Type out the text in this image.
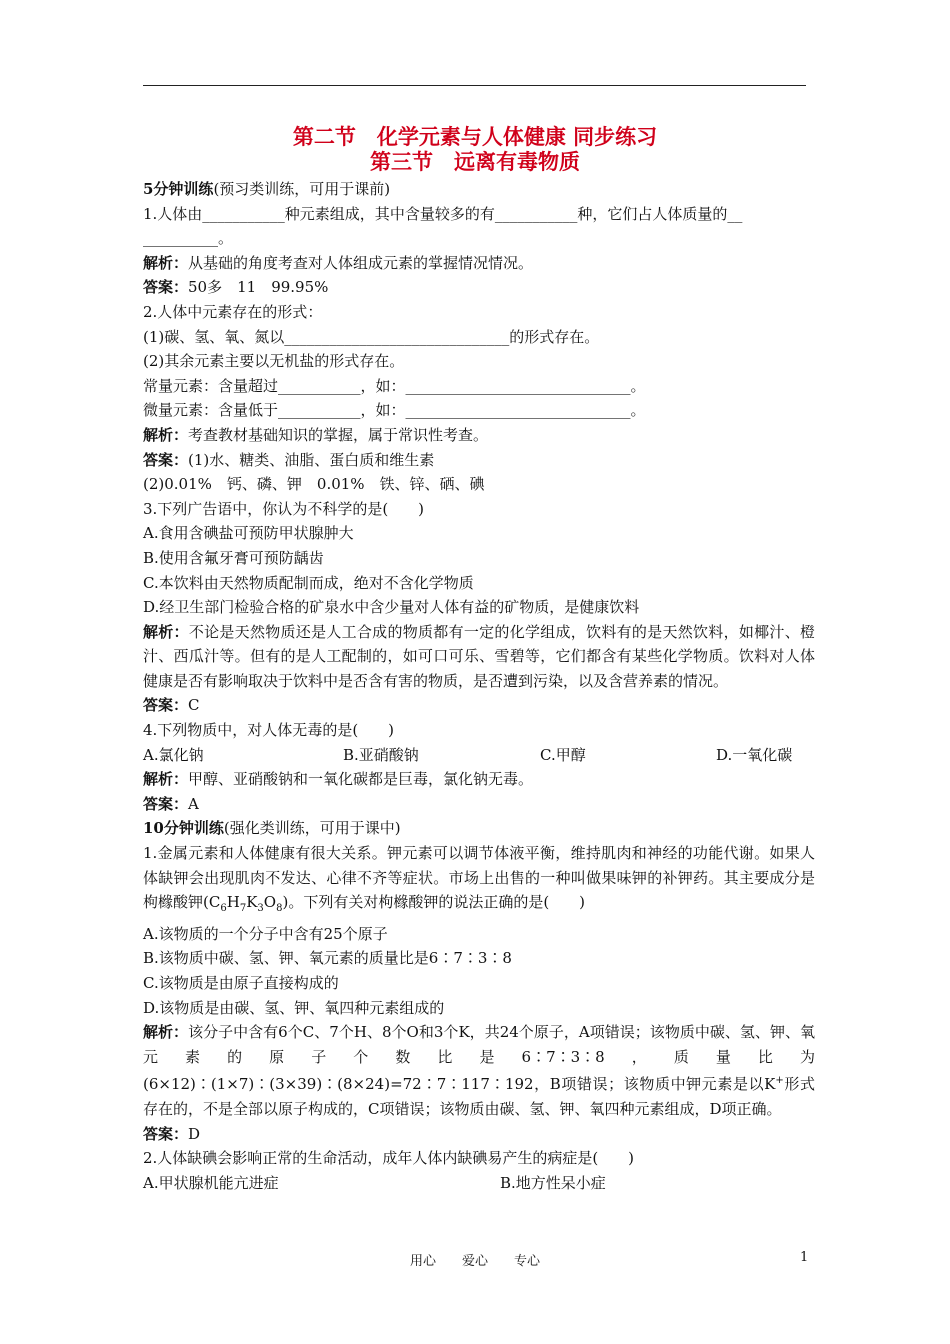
第二节　化学元素与人体健康 同步练习
第三节　远离有毒物质
5分钟训练(预习类训练，可用于课前)
1.人体由___________种元素组成，其中含量较多的有___________种，它们占人体质量的__
__________。
解析：从基础的角度考查对人体组成元素的掌握情况情况。
答案：50多　11　99.95%
2.人体中元素存在的形式：
(1)碳、氢、氧、氮以______________________________的形式存在。
(2)其余元素主要以无机盐的形式存在。
常量元素：含量超过___________，如：______________________________。
微量元素：含量低于___________，如：______________________________。
解析：考查教材基础知识的掌握，属于常识性考查。
答案：(1)水、糖类、油脂、蛋白质和维生素
(2)0.01%　钙、磷、钾　0.01%　铁、锌、硒、碘
3.下列广告语中，你认为不科学的是(　　)
A.食用含碘盐可预防甲状腺肿大
B.使用含氟牙膏可预防龋齿
C.本饮料由天然物质配制而成，绝对不含化学物质
D.经卫生部门检验合格的矿泉水中含少量对人体有益的矿物质，是健康饮料
解析：不论是天然物质还是人工合成的物质都有一定的化学组成，饮料有的是天然饮料，如椰汁、橙汁、西瓜汁等。但有的是人工配制的，如可口可乐、雪碧等，它们都含有某些化学物质。饮料对人体健康是否有影响取决于饮料中是否含有害的物质，是否遭到污染，以及含营养素的情况。
答案：C
4.下列物质中，对人体无毒的是(　　)
A.氯化钠	B.亚硝酸钠	C.甲醇	D.一氧化碳
解析：甲醇、亚硝酸钠和一氧化碳都是巨毒，氯化钠无毒。
答案：A
10分钟训练(强化类训练，可用于课中)
1.金属元素和人体健康有很大关系。钾元素可以调节体液平衡，维持肌肉和神经的功能代谢。如果人体缺钾会出现肌肉不发达、心律不齐等症状。市场上出售的一种叫做果味钾的补钾药。其主要成分是枸橼酸钾$(C_6H_7K_3O_8)$。下列有关对枸橼酸钾的说法正确的是(　　)
A.该物质的一个分子中含有25个原子
B.该物质中碳、氢、钾、氧元素的质量比是6∶7∶3∶8
C.该物质是由原子直接构成的
D.该物质是由碳、氢、钾、氧四种元素组成的
解析：该分子中含有6个C、7个H、8个O和3个K，共24个原子，A项错误；该物质中碳、氢、钾、氧元素的原子个数比是6∶7∶3∶8，质量比为(6×12)∶(1×7)∶(3×39)∶(8×24)=72∶7∶117∶192，B项错误；该物质中钾元素是以K+形式存在的，不是全部以原子构成的，C项错误；该物质由碳、氢、钾、氧四种元素组成，D项正确。
答案：D
2.人体缺碘会影响正常的生命活动，成年人体内缺碘易产生的病症是(　　)
A.甲状腺机能亢进症	B.地方性呆小症
用心　　爱心　　专心	1
